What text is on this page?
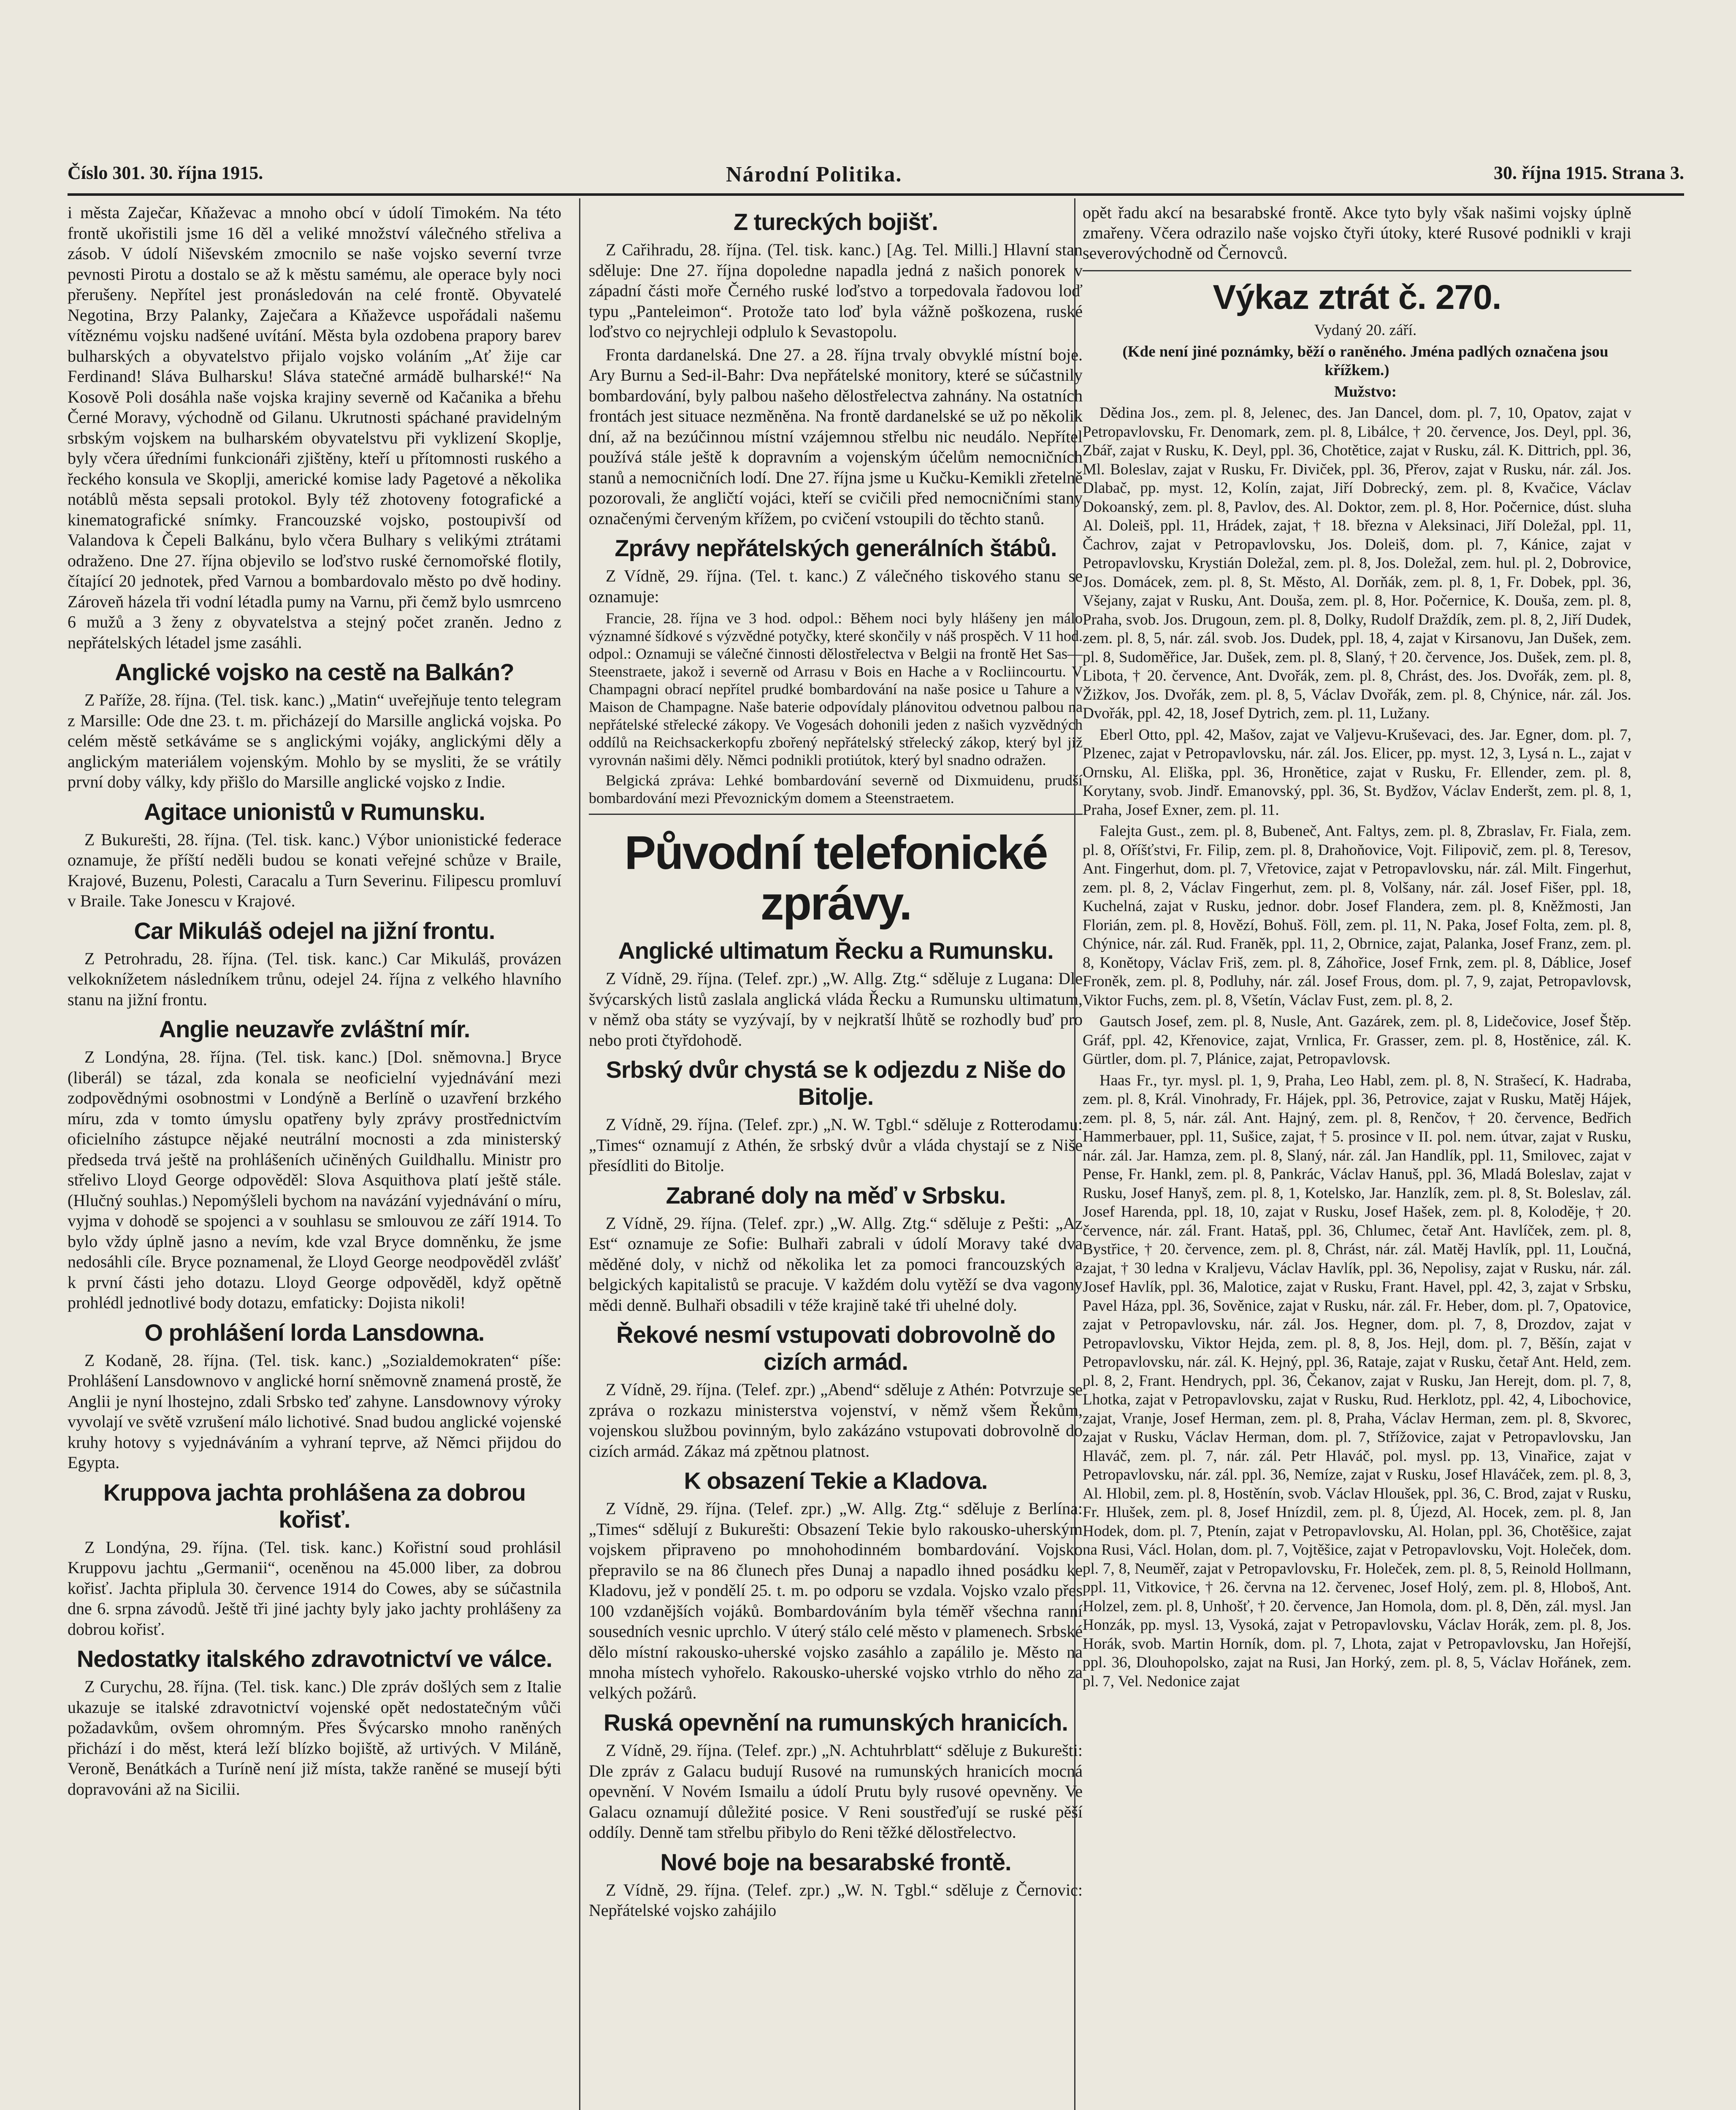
Číslo 301. 30. října 1915.	Národní Politika.	30. října 1915. Strana 3.

i města Zaječar, Kňaževac a mnoho obcí v údolí Timokém. Na této frontě ukořistili jsme 16 děl a veliké množství válečného střeliva a zásob. V údolí Niševském zmocnilo se naše vojsko severní tvrze pevnosti Pirotu a dostalo se až k městu samému, ale operace byly noci přerušeny. Nepřítel jest pronásledován na celé frontě. Obyvatelé Negotina, Brzy Palanky, Zaječara a Kňaževce uspořádali našemu vítěznému vojsku nadšené uvítání. Města byla ozdobena prapory barev bulharských a obyvatelstvo přijalo vojsko voláním „Ať žije car Ferdinand! Sláva Bulharsku! Sláva statečné armádě bulharské!“ Na Kosově Poli dosáhla naše vojska krajiny severně od Kačanika a břehu Černé Moravy, východně od Gilanu. Ukrutnosti spáchané pravidelným srbským vojskem na bulharském obyvatelstvu při vyklizení Skoplje, byly včera úředními funkcionáři zjištěny, kteří u přítomnosti ruského a řeckého konsula ve Skoplji, americké komise lady Pagetové a několika notáblů města sepsali protokol. Byly též zhotoveny fotografické a kinematografické snímky. Francouzské vojsko, postoupivší od Valandova k Čepeli Balkánu, bylo včera Bulhary s velikými ztrátami odraženo. Dne 27. října objevilo se loďstvo ruské černomořské flotily, čítající 20 jednotek, před Varnou a bombardovalo město po dvě hodiny. Zároveň házela tři vodní létadla pumy na Varnu, při čemž bylo usmrceno 6 mužů a 3 ženy z obyvatelstva a stejný počet zraněn. Jedno z nepřátelských létadel jsme zasáhli.

Anglické vojsko na cestě na Balkán?

Z Paříže, 28. října. (Tel. tisk. kanc.) „Matin“ uveřejňuje tento telegram z Marsille: Ode dne 23. t. m. přicházejí do Marsille anglická vojska. Po celém městě setkáváme se s anglickými vojáky, anglickými děly a anglickým materiálem vojenským. Mohlo by se mysliti, že se vrátily první doby války, kdy přišlo do Marsille anglické vojsko z Indie.

Agitace unionistů v Rumunsku.

Z Bukurešti, 28. října. (Tel. tisk. kanc.) Výbor unionistické federace oznamuje, že příští neděli budou se konati veřejné schůze v Braile, Krajové, Buzenu, Polesti, Caracalu a Turn Severinu. Filipescu promluví v Braile. Take Jonescu v Krajové.

Car Mikuláš odejel na jižní frontu.

Z Petrohradu, 28. října. (Tel. tisk. kanc.) Car Mikuláš, provázen velkoknížetem následníkem trůnu, odejel 24. října z velkého hlavního stanu na jižní frontu.

Anglie neuzavře zvláštní mír.

Z Londýna, 28. října. (Tel. tisk. kanc.) [Dol. sněmovna.] Bryce (liberál) se tázal, zda konala se neoficielní vyjednávání mezi zodpovědnými osobnostmi v Londýně a Berlíně o uzavření brzkého míru, zda v tomto úmyslu opatřeny byly zprávy prostřednictvím oficielního zástupce nějaké neutrální mocnosti a zda ministerský předseda trvá ještě na prohlášeních učiněných Guildhallu. Ministr pro střelivo Lloyd George odpověděl: Slova Asquithova platí ještě stále. (Hlučný souhlas.) Nepomýšleli bychom na navázání vyjednávání o míru, vyjma v dohodě se spojenci a v souhlasu se smlouvou ze září 1914. To bylo vždy úplně jasno a nevím, kde vzal Bryce domněnku, že jsme nedosáhli cíle. Bryce poznamenal, že Lloyd George neodpověděl zvlášť k první části jeho dotazu. Lloyd George odpověděl, když opětně prohlédl jednotlivé body dotazu, emfaticky: Dojista nikoli!

O prohlášení lorda Lansdowna.

Z Kodaně, 28. října. (Tel. tisk. kanc.) „Sozialdemokraten“ píše: Prohlášení Lansdownovo v anglické horní sněmovně znamená prostě, že Anglii je nyní lhostejno, zdali Srbsko teď zahyne. Lansdownovy výroky vyvolají ve světě vzrušení málo lichotivé. Snad budou anglické vojenské kruhy hotovy s vyjednáváním a vyhraní teprve, až Němci přijdou do Egypta.

Kruppova jachta prohlášena za dobrou kořisť.

Z Londýna, 29. října. (Tel. tisk. kanc.) Kořistní soud prohlásil Kruppovu jachtu „Germanii“, oceněnou na 45.000 liber, za dobrou kořisť. Jachta připlula 30. července 1914 do Cowes, aby se súčastnila dne 6. srpna závodů. Ještě tři jiné jachty byly jako jachty prohlášeny za dobrou kořisť.

Nedostatky italského zdravotnictví ve válce.

Z Curychu, 28. října. (Tel. tisk. kanc.) Dle zpráv došlých sem z Italie ukazuje se italské zdravotnictví vojenské opět nedostatečným vůči požadavkům, ovšem ohromným. Přes Švýcarsko mnoho raněných přichází i do měst, která leží blízko bojiště, až urtivých. V Miláně, Veroně, Benátkách a Turíně není již místa, takže raněné se musejí býti dopravováni až na Sicilii.

Z tureckých bojišť.

Z Cařihradu, 28. října. (Tel. tisk. kanc.) [Ag. Tel. Milli.] Hlavní stan sděluje: Dne 27. října dopoledne napadla jedná z našich ponorek v západní části moře Černého ruské loďstvo a torpedovala řadovou loď typu „Panteleimon“. Protože tato loď byla vážně poškozena, ruské loďstvo co nejrychleji odplulo k Sevastopolu.

Fronta dardanelská. Dne 27. a 28. října trvaly obvyklé místní boje. Ary Burnu a Sed-il-Bahr: Dva nepřátelské monitory, které se súčastnily bombardování, byly palbou našeho dělostřelectva zahnány. Na ostatních frontách jest situace nezměněna. Na frontě dardanelské se už po několik dní, až na bezúčinnou místní vzájemnou střelbu nic neudálo. Nepřítel používá stále ještě k dopravním a vojenským účelům nemocničních stanů a nemocničních lodí. Dne 27. října jsme u Kučku-Kemikli zřetelně pozorovali, že angličtí vojáci, kteří se cvičili před nemocničními stany označenými červeným křížem, po cvičení vstoupili do těchto stanů.

Zprávy nepřátelských generálních štábů.

Z Vídně, 29. října. (Tel. t. kanc.) Z válečného tiskového stanu se oznamuje:

Francie, 28. října ve 3 hod. odpol.: Během noci byly hlášeny jen málo významné šídkové s výzvědné potyčky, které skončily v náš prospěch. V 11 hod. odpol.: Oznamuji se válečné činnosti dělostřelectva v Belgii na frontě Het Sas—Steenstraete, jakož i severně od Arrasu v Bois en Hache a v Rocliincourtu. V Champagni obrací nepřítel prudké bombardování na naše posice u Tahure a v Maison de Champagne. Naše baterie odpovídaly plánovitou odvetnou palbou na nepřátelské střelecké zákopy. Ve Vogesách dohonili jeden z našich vyzvědných oddílů na Reichsackerkopfu zbořený nepřátelský střelecký zákop, který byl již vyrovnán našimi děly. Němci podnikli protiútok, který byl snadno odražen.

Belgická zpráva: Lehké bombardování severně od Dixmuidenu, prudší bombardování mezi Převoznickým domem a Steenstraetem.

Původní telefonické zprávy.
Anglické ultimatum Řecku a Rumunsku.

Z Vídně, 29. října. (Telef. zpr.) „W. Allg. Ztg.“ sděluje z Lugana: Dle švýcarských listů zaslala anglická vláda Řecku a Rumunsku ultimatum, v němž oba státy se vyzývají, by v nejkratší lhůtě se rozhodly buď pro nebo proti čtyřdohodě.

Srbský dvůr chystá se k odjezdu z Niše do Bitolje.

Z Vídně, 29. října. (Telef. zpr.) „N. W. Tgbl.“ sděluje z Rotterodamu: „Times“ oznamují z Athén, že srbský dvůr a vláda chystají se z Niše přesídliti do Bitolje.

Zabrané doly na měď v Srbsku.

Z Vídně, 29. října. (Telef. zpr.) „W. Allg. Ztg.“ sděluje z Pešti: „Az Est“ oznamuje ze Sofie: Bulhaři zabrali v údolí Moravy také dva měděné doly, v nichž od několika let za pomoci francouzských a belgických kapitalistů se pracuje. V každém dolu vytěží se dva vagony mědi denně. Bulhaři obsadili v téže krajině také tři uhelné doly.

Řekové nesmí vstupovati dobrovolně do cizích armád.

Z Vídně, 29. října. (Telef. zpr.) „Abend“ sděluje z Athén: Potvrzuje se zpráva o rozkazu ministerstva vojenství, v němž všem Řekům, vojenskou službou povinným, bylo zakázáno vstupovati dobrovolně do cizích armád. Zákaz má zpětnou platnost.

K obsazení Tekie a Kladova.

Z Vídně, 29. října. (Telef. zpr.) „W. Allg. Ztg.“ sděluje z Berlína: „Times“ sdělují z Bukurešti: Obsazení Tekie bylo rakousko-uherským vojskem připraveno po mnohohodinném bombardování. Vojsko přepravilo se na 86 člunech přes Dunaj a napadlo ihned posádku ke Kladovu, jež v pondělí 25. t. m. po odporu se vzdala. Vojsko vzalo přes 100 vzdanějších vojáků. Bombardováním byla téměř všechna ranní sousedních vesnic uprchlo. V úterý stálo celé město v plamenech. Srbské dělo místní rakousko-uherské vojsko zasáhlo a zapálilo je. Město na mnoha místech vyhořelo. Rakousko-uherské vojsko vtrhlo do něho za velkých požárů.

Ruská opevnění na rumunských hranicích.

Z Vídně, 29. října. (Telef. zpr.) „N. Achtuhrblatt“ sděluje z Bukurešti: Dle zpráv z Galacu budují Rusové na rumunských hranicích mocná opevnění. V Novém Ismailu a údolí Prutu byly rusové opevněny. Ve Galacu oznamují důležité posice. V Reni soustřeďují se ruské pěší oddíly. Denně tam střelbu přibylo do Reni těžké dělostřelectvo.

Nové boje na besarabské frontě.

Z Vídně, 29. října. (Telef. zpr.) „W. N. Tgbl.“ sděluje z Černovic: Nepřátelské vojsko zahájilo

opět řadu akcí na besarabské frontě. Akce tyto byly však našimi vojsky úplně zmařeny. Včera odrazilo naše vojsko čtyři útoky, které Rusové podnikli v kraji severovýchodně od Černovců.

Výkaz ztrát č. 270.

Vydaný 20. září.

(Kde není jiné poznámky, běží o raněného. Jména padlých označena jsou křížkem.)

Mužstvo:

Dědina Jos., zem. pl. 8, Jelenec, des. Jan Dancel, dom. pl. 7, 10, Opatov, zajat v Petropavlovsku, Fr. Denomark, zem. pl. 8, Libálce, † 20. července, Jos. Deyl, ppl. 36, Zbář, zajat v Rusku, K. Deyl, ppl. 36, Chotětice, zajat v Rusku, zál. K. Dittrich, ppl. 36, Ml. Boleslav, zajat v Rusku, Fr. Diviček, ppl. 36, Přerov, zajat v Rusku, nár. zál. Jos. Dlabač, pp. myst. 12, Kolín, zajat, Jiří Dobrecký, zem. pl. 8, Kvačice, Václav Dokoanský, zem. pl. 8, Pavlov, des. Al. Doktor, zem. pl. 8, Hor. Počernice, dúst. sluha Al. Doleiš, ppl. 11, Hrádek, zajat, † 18. března v Aleksinaci, Jiří Doležal, ppl. 11, Čachrov, zajat v Petropavlovsku, Jos. Doleiš, dom. pl. 7, Kánice, zajat v Petropavlovsku, Krystián Doležal, zem. pl. 8, Jos. Doležal, zem. hul. pl. 2, Dobrovice, Jos. Domácek, zem. pl. 8, St. Město, Al. Dorňák, zem. pl. 8, 1, Fr. Dobek, ppl. 36, Všejany, zajat v Rusku, Ant. Douša, zem. pl. 8, Hor. Počernice, K. Douša, zem. pl. 8, Praha, svob. Jos. Drugoun, zem. pl. 8, Dolky, Rudolf Draždík, zem. pl. 8, 2, Jiří Dudek, zem. pl. 8, 5, nár. zál. svob. Jos. Dudek, ppl. 18, 4, zajat v Kirsanovu, Jan Dušek, zem. pl. 8, Sudoměřice, Jar. Dušek, zem. pl. 8, Slaný, † 20. července, Jos. Dušek, zem. pl. 8, Libota, † 20. července, Ant. Dvořák, zem. pl. 8, Chrást, des. Jos. Dvořák, zem. pl. 8, Žižkov, Jos. Dvořák, zem. pl. 8, 5, Václav Dvořák, zem. pl. 8, Chýnice, nár. zál. Jos. Dvořák, ppl. 42, 18, Josef Dytrich, zem. pl. 11, Lužany.

Eberl Otto, ppl. 42, Mašov, zajat ve Valjevu-Kruševaci, des. Jar. Egner, dom. pl. 7, Plzenec, zajat v Petropavlovsku, nár. zál. Jos. Elicer, pp. myst. 12, 3, Lysá n. L., zajat v Ornsku, Al. Eliška, ppl. 36, Hronětice, zajat v Rusku, Fr. Ellender, zem. pl. 8, Korytany, svob. Jindř. Emanovský, ppl. 36, St. Bydžov, Václav Enderšt, zem. pl. 8, 1, Praha, Josef Exner, zem. pl. 11.

Falejta Gust., zem. pl. 8, Bubeneč, Ant. Faltys, zem. pl. 8, Zbraslav, Fr. Fiala, zem. pl. 8, Oříšťstvi, Fr. Filip, zem. pl. 8, Drahoňovice, Vojt. Filipovič, zem. pl. 8, Teresov, Ant. Fingerhut, dom. pl. 7, Vřetovice, zajat v Petropavlovsku, nár. zál. Milt. Fingerhut, zem. pl. 8, 2, Václav Fingerhut, zem. pl. 8, Volšany, nár. zál. Josef Fišer, ppl. 18, Kuchelná, zajat v Rusku, jednor. dobr. Josef Flandera, zem. pl. 8, Kněžmosti, Jan Florián, zem. pl. 8, Hovězí, Bohuš. Föll, zem. pl. 11, N. Paka, Josef Folta, zem. pl. 8, Chýnice, nár. zál. Rud. Franěk, ppl. 11, 2, Obrnice, zajat, Palanka, Josef Franz, zem. pl. 8, Konětopy, Václav Friš, zem. pl. 8, Záhořice, Josef Frnk, zem. pl. 8, Dáblice, Josef Froněk, zem. pl. 8, Podluhy, nár. zál. Josef Frous, dom. pl. 7, 9, zajat, Petropavlovsk, Viktor Fuchs, zem. pl. 8, Všetín, Václav Fust, zem. pl. 8, 2.

Gautsch Josef, zem. pl. 8, Nusle, Ant. Gazárek, zem. pl. 8, Lidečovice, Josef Štěp. Gráf, ppl. 42, Křenovice, zajat, Vrnlica, Fr. Grasser, zem. pl. 8, Hostěnice, zál. K. Gürtler, dom. pl. 7, Plánice, zajat, Petropavlovsk.

Haas Fr., tyr. mysl. pl. 1, 9, Praha, Leo Habl, zem. pl. 8, N. Strašecí, K. Hadraba, zem. pl. 8, Král. Vinohrady, Fr. Hájek, ppl. 36, Petrovice, zajat v Rusku, Matěj Hájek, zem. pl. 8, 5, nár. zál. Ant. Hajný, zem. pl. 8, Renčov, † 20. července, Bedřich Hammerbauer, ppl. 11, Sušice, zajat, † 5. prosince v II. pol. nem. útvar, zajat v Rusku, nár. zál. Jar. Hamza, zem. pl. 8, Slaný, nár. zál. Jan Handlík, ppl. 11, Smilovec, zajat v Pense, Fr. Hankl, zem. pl. 8, Pankrác, Václav Hanuš, ppl. 36, Mladá Boleslav, zajat v Rusku, Josef Hanyš, zem. pl. 8, 1, Kotelsko, Jar. Hanzlík, zem. pl. 8, St. Boleslav, zál. Josef Harenda, ppl. 18, 10, zajat v Rusku, Josef Hašek, zem. pl. 8, Koloděje, † 20. července, nár. zál. Frant. Hataš, ppl. 36, Chlumec, četař Ant. Havlíček, zem. pl. 8, Bystřice, † 20. července, zem. pl. 8, Chrást, nár. zál. Matěj Havlík, ppl. 11, Loučná, zajat, † 30 ledna v Kraljevu, Václav Havlík, ppl. 36, Nepolisy, zajat v Rusku, nár. zál. Josef Havlík, ppl. 36, Malotice, zajat v Rusku, Frant. Havel, ppl. 42, 3, zajat v Srbsku, Pavel Háza, ppl. 36, Sověnice, zajat v Rusku, nár. zál. Fr. Heber, dom. pl. 7, Opatovice, zajat v Petropavlovsku, nár. zál. Jos. Hegner, dom. pl. 7, 8, Drozdov, zajat v Petropavlovsku, Viktor Hejda, zem. pl. 8, 8, Jos. Hejl, dom. pl. 7, Běšín, zajat v Petropavlovsku, nár. zál. K. Hejný, ppl. 36, Rataje, zajat v Rusku, četař Ant. Held, zem. pl. 8, 2, Frant. Hendrych, ppl. 36, Čekanov, zajat v Rusku, Jan Herejt, dom. pl. 7, 8, Lhotka, zajat v Petropavlovsku, zajat v Rusku, Rud. Herklotz, ppl. 42, 4, Libochovice, zajat, Vranje, Josef Herman, zem. pl. 8, Praha, Václav Herman, zem. pl. 8, Skvorec, zajat v Rusku, Václav Herman, dom. pl. 7, Střížovice, zajat v Petropavlovsku, Jan Hlaváč, zem. pl. 7, nár. zál. Petr Hlaváč, pol. mysl. pp. 13, Vinařice, zajat v Petropavlovsku, nár. zál. ppl. 36, Nemíze, zajat v Rusku, Josef Hlaváček, zem. pl. 8, 3, Al. Hlobil, zem. pl. 8, Hostěnín, svob. Václav Hloušek, ppl. 36, C. Brod, zajat v Rusku, Fr. Hlušek, zem. pl. 8, Josef Hnízdil, zem. pl. 8, Újezd, Al. Hocek, zem. pl. 8, Jan Hodek, dom. pl. 7, Ptenín, zajat v Petropavlovsku, Al. Holan, ppl. 36, Chotěšice, zajat na Rusi, Václ. Holan, dom. pl. 7, Vojtěšice, zajat v Petropavlovsku, Vojt. Holeček, dom. pl. 7, 8, Neuměř, zajat v Petropavlovsku, Fr. Holeček, zem. pl. 8, 5, Reinold Hollmann, ppl. 11, Vitkovice, † 26. června na 12. červenec, Josef Holý, zem. pl. 8, Hloboš, Ant. Holzel, zem. pl. 8, Unhošť, † 20. července, Jan Homola, dom. pl. 8, Děn, zál. mysl. Jan Honzák, pp. mysl. 13, Vysoká, zajat v Petropavlovsku, Václav Horák, zem. pl. 8, Jos. Horák, svob. Martin Horník, dom. pl. 7, Lhota, zajat v Petropavlovsku, Jan Hořejší, ppl. 36, Dlouhopolsko, zajat na Rusi, Jan Horký, zem. pl. 8, 5, Václav Hořánek, zem. pl. 7, Vel. Nedonice zajat
